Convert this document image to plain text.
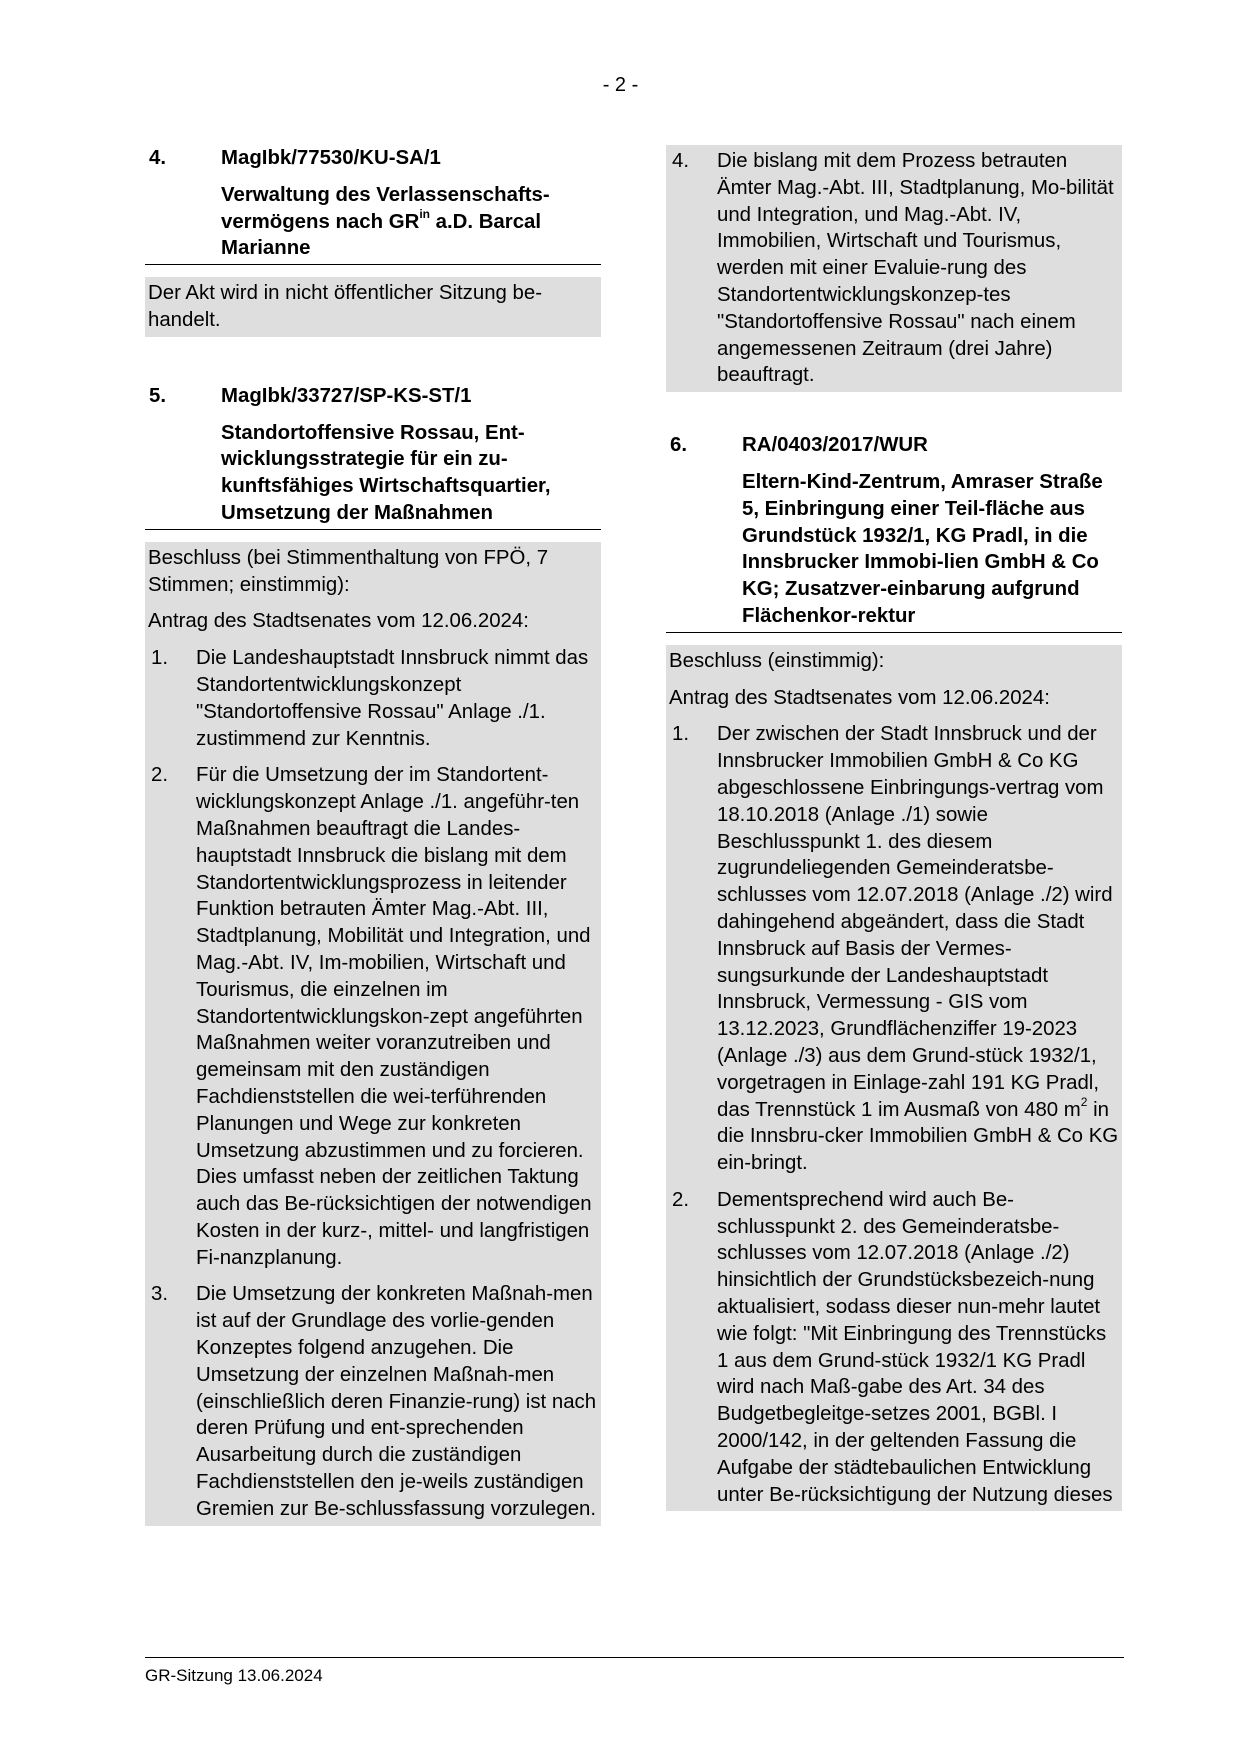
- 2 -
4.	MagIbk/77530/KU-SA/1
Verwaltung des Verlassenschafts-vermögens nach $GR^{in}$ a.D. Barcal Marianne

Der Akt wird in nicht öffentlicher Sitzung be-handelt.

5.	MagIbk/33727/SP-KS-ST/1
Standortoffensive Rossau, Ent-wicklungsstrategie für ein zu-kunftsfähiges Wirtschaftsquartier, Umsetzung der Maßnahmen

Beschluss (bei Stimmenthaltung von FPÖ, 7 Stimmen; einstimmig):

Antrag des Stadtsenates vom 12.06.2024:

1. Die Landeshauptstadt Innsbruck nimmt das Standortentwicklungskonzept "Standortoffensive Rossau" Anlage ./1. zustimmend zur Kenntnis.
2. Für die Umsetzung der im Standortent-wicklungskonzept Anlage ./1. angeführ-ten Maßnahmen beauftragt die Landes-hauptstadt Innsbruck die bislang mit dem Standortentwicklungsprozess in leitender Funktion betrauten Ämter Mag.-Abt. III, Stadtplanung, Mobilität und Integration, und Mag.-Abt. IV, Im-mobilien, Wirtschaft und Tourismus, die einzelnen im Standortentwicklungskon-zept angeführten Maßnahmen weiter voranzutreiben und gemeinsam mit den zuständigen Fachdienststellen die wei-terführenden Planungen und Wege zur konkreten Umsetzung abzustimmen und zu forcieren. Dies umfasst neben der zeitlichen Taktung auch das Be-rücksichtigen der notwendigen Kosten in der kurz-, mittel- und langfristigen Fi-nanzplanung.
3. Die Umsetzung der konkreten Maßnah-men ist auf der Grundlage des vorlie-genden Konzeptes folgend anzugehen. Die Umsetzung der einzelnen Maßnah-men (einschließlich deren Finanzie-rung) ist nach deren Prüfung und ent-sprechenden Ausarbeitung durch die zuständigen Fachdienststellen den je-weils zuständigen Gremien zur Be-schlussfassung vorzulegen.
4. Die bislang mit dem Prozess betrauten Ämter Mag.-Abt. III, Stadtplanung, Mo-bilität und Integration, und Mag.-Abt. IV, Immobilien, Wirtschaft und Tourismus, werden mit einer Evaluie-rung des Standortentwicklungskonzep-tes "Standortoffensive Rossau" nach einem angemessenen Zeitraum (drei Jahre) beauftragt.
6.	RA/0403/2017/WUR
Eltern-Kind-Zentrum, Amraser Straße 5, Einbringung einer Teil-fläche aus Grundstück 1932/1, KG Pradl, in die Innsbrucker Immobi-lien GmbH & Co KG; Zusatzver-einbarung aufgrund Flächenkor-rektur

Beschluss (einstimmig):

Antrag des Stadtsenates vom 12.06.2024:

1. Der zwischen der Stadt Innsbruck und der Innsbrucker Immobilien GmbH & Co KG abgeschlossene Einbringungs-vertrag vom 18.10.2018 (Anlage ./1) sowie Beschlusspunkt 1. des diesem zugrundeliegenden Gemeinderatsbe-schlusses vom 12.07.2018 (Anlage ./2) wird dahingehend abgeändert, dass die Stadt Innsbruck auf Basis der Vermes-sungsurkunde der Landeshauptstadt Innsbruck, Vermessung - GIS vom 13.12.2023, Grundflächenziffer 19-2023 (Anlage ./3) aus dem Grund-stück 1932/1, vorgetragen in Einlage-zahl 191 KG Pradl, das Trennstück 1 im Ausmaß von 480 $m^2$ in die Innsbru-cker Immobilien GmbH & Co KG ein-bringt.
2. Dementsprechend wird auch Be-schlusspunkt 2. des Gemeinderatsbe-schlusses vom 12.07.2018 (Anlage ./2) hinsichtlich der Grundstücksbezeich-nung aktualisiert, sodass dieser nun-mehr lautet wie folgt: "Mit Einbringung des Trennstücks 1 aus dem Grund-stück 1932/1 KG Pradl wird nach Maß-gabe des Art. 34 des Budgetbegleitge-setzes 2001, BGBl. I 2000/142, in der geltenden Fassung die Aufgabe der städtebaulichen Entwicklung unter Be-rücksichtigung der Nutzung dieses
GR-Sitzung 13.06.2024
